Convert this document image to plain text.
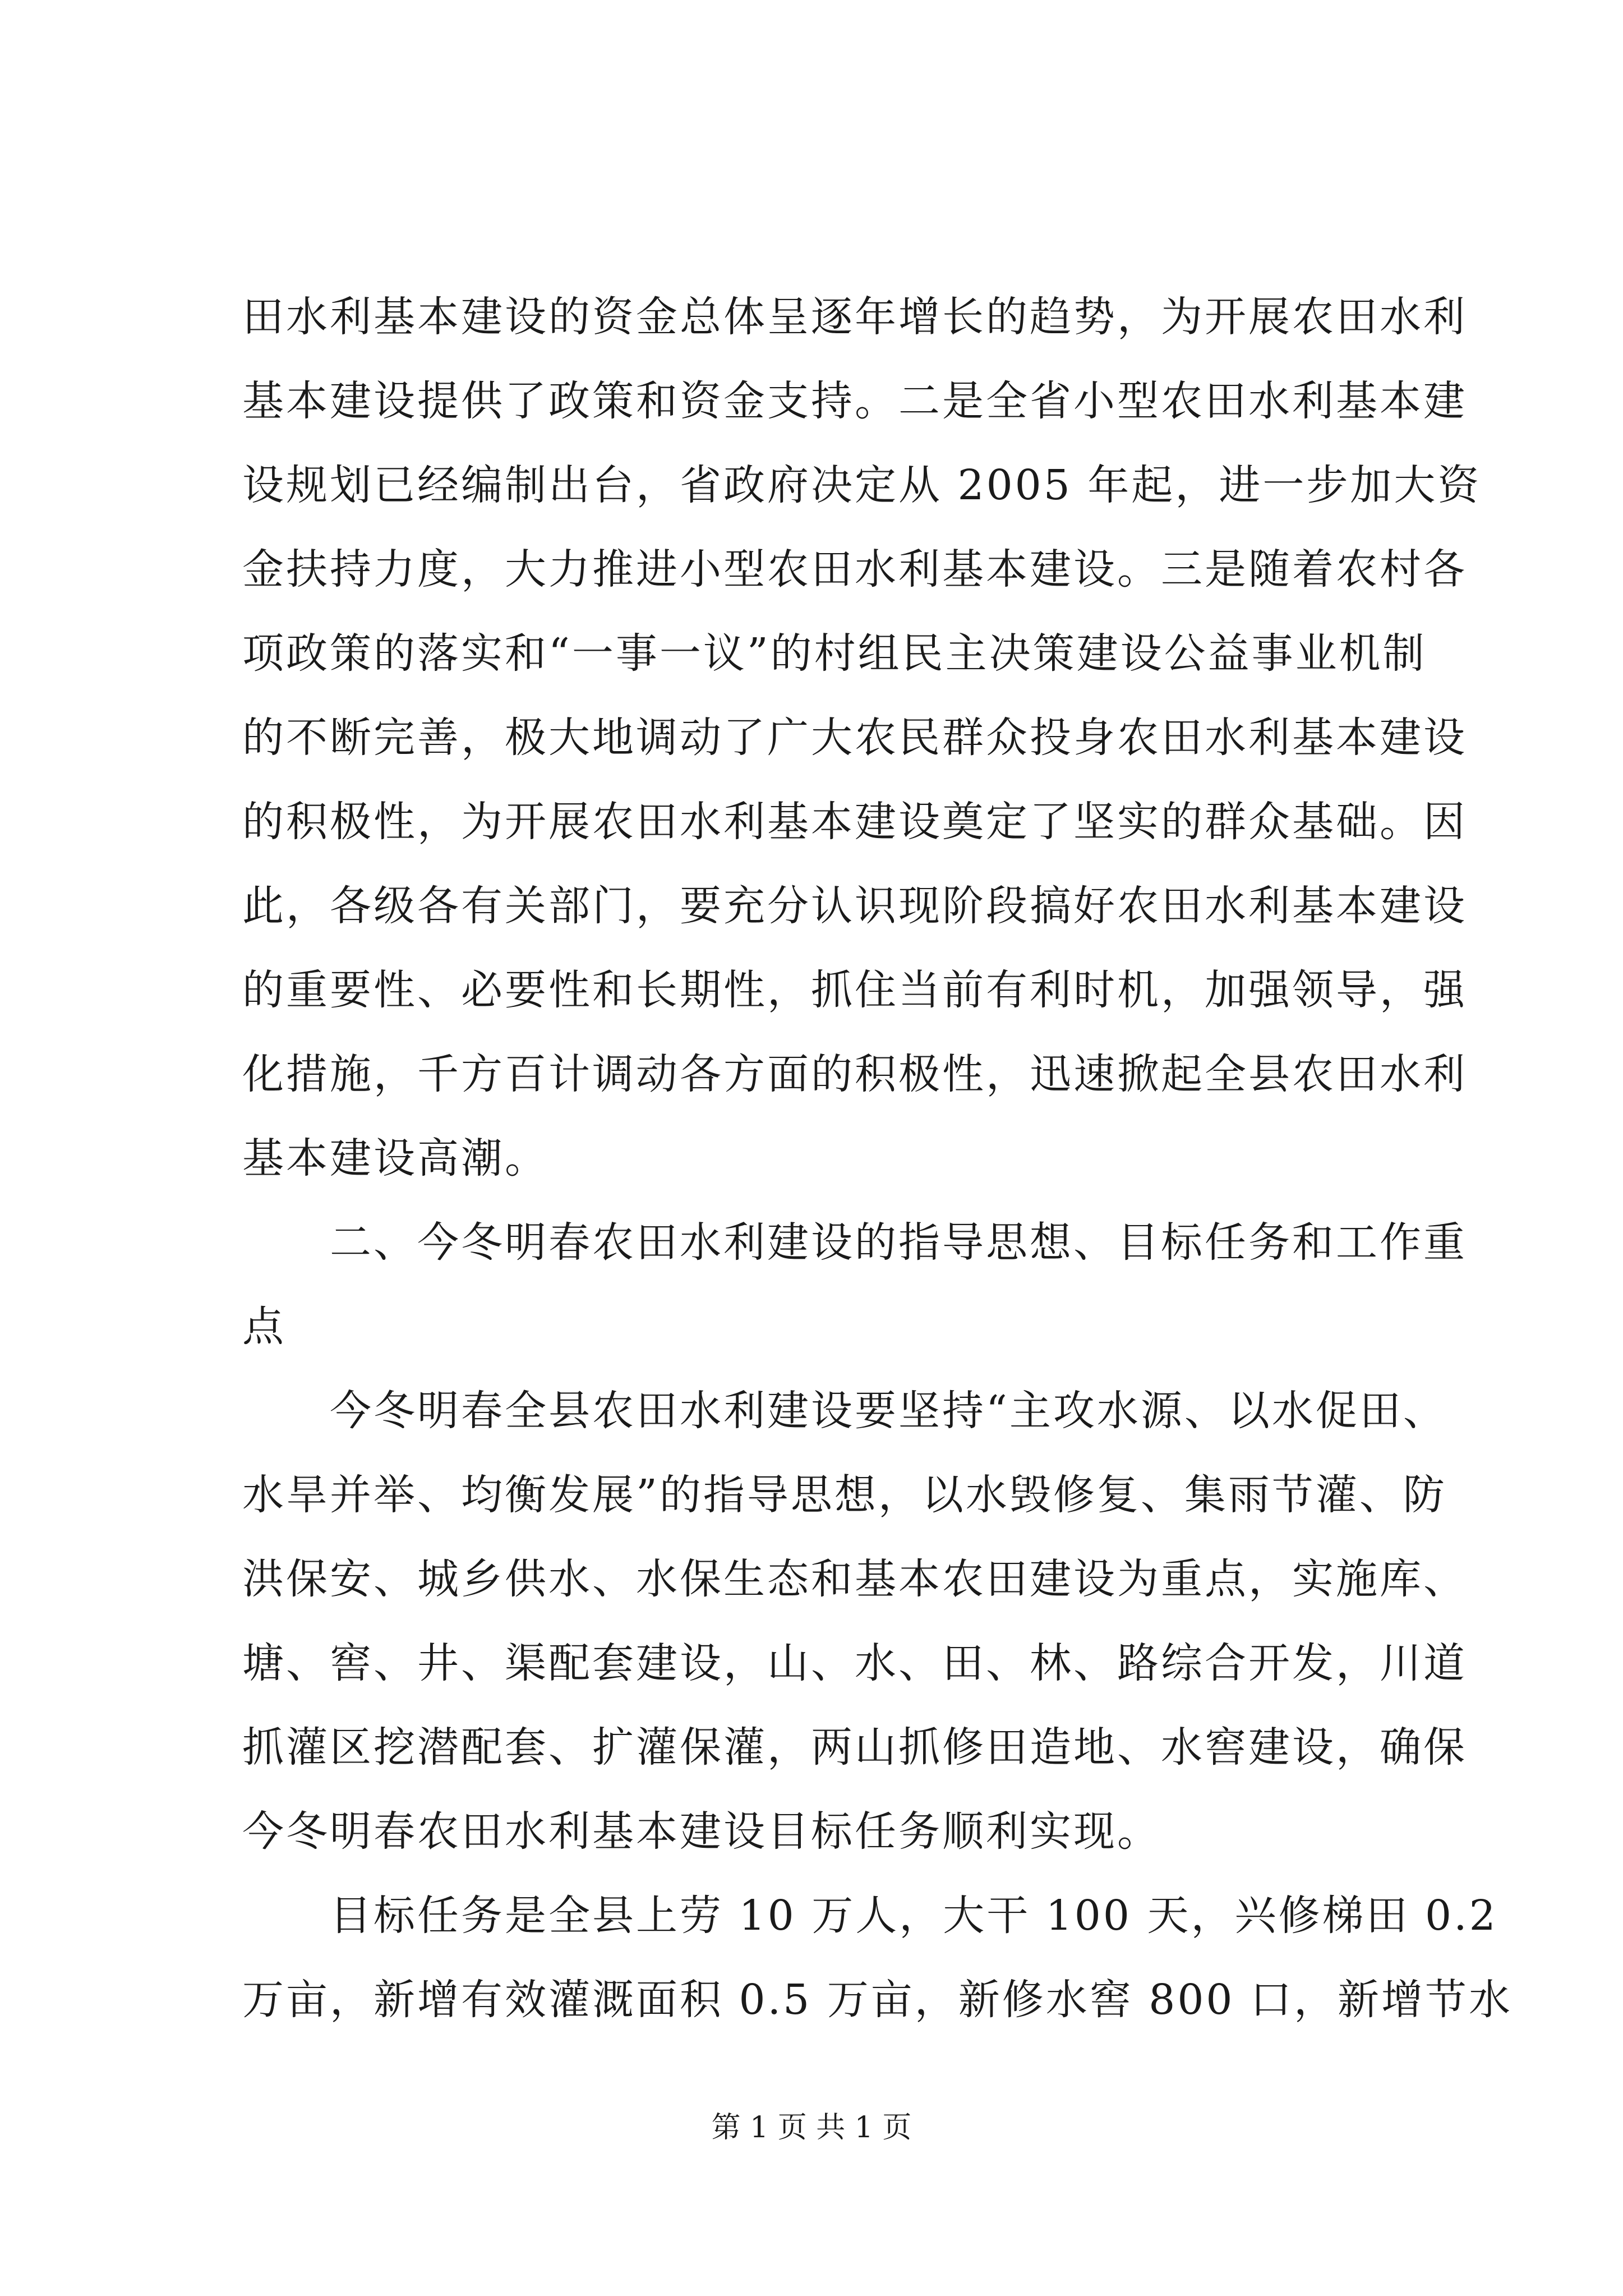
田水利基本建设的资金总体呈逐年增长的趋势，为开展农田水利
基本建设提供了政策和资金支持。二是全省小型农田水利基本建
设规划已经编制出台，省政府决定从 2005 年起，进一步加大资
金扶持力度，大力推进小型农田水利基本建设。三是随着农村各
项政策的落实和“一事一议”的村组民主决策建设公益事业机制
的不断完善，极大地调动了广大农民群众投身农田水利基本建设
的积极性，为开展农田水利基本建设奠定了坚实的群众基础。因
此，各级各有关部门，要充分认识现阶段搞好农田水利基本建设
的重要性、必要性和长期性，抓住当前有利时机，加强领导，强
化措施，千方百计调动各方面的积极性，迅速掀起全县农田水利
基本建设高潮。
　　二、今冬明春农田水利建设的指导思想、目标任务和工作重
点
　　今冬明春全县农田水利建设要坚持“主攻水源、以水促田、
水旱并举、均衡发展”的指导思想，以水毁修复、集雨节灌、防
洪保安、城乡供水、水保生态和基本农田建设为重点，实施库、
塘、窖、井、渠配套建设，山、水、田、林、路综合开发，川道
抓灌区挖潜配套、扩灌保灌，两山抓修田造地、水窖建设，确保
今冬明春农田水利基本建设目标任务顺利实现。
　　目标任务是全县上劳 10 万人，大干 100 天，兴修梯田 0.2
万亩，新增有效灌溉面积 0.5 万亩，新修水窖 800 口，新增节水
第 1 页 共 1 页
